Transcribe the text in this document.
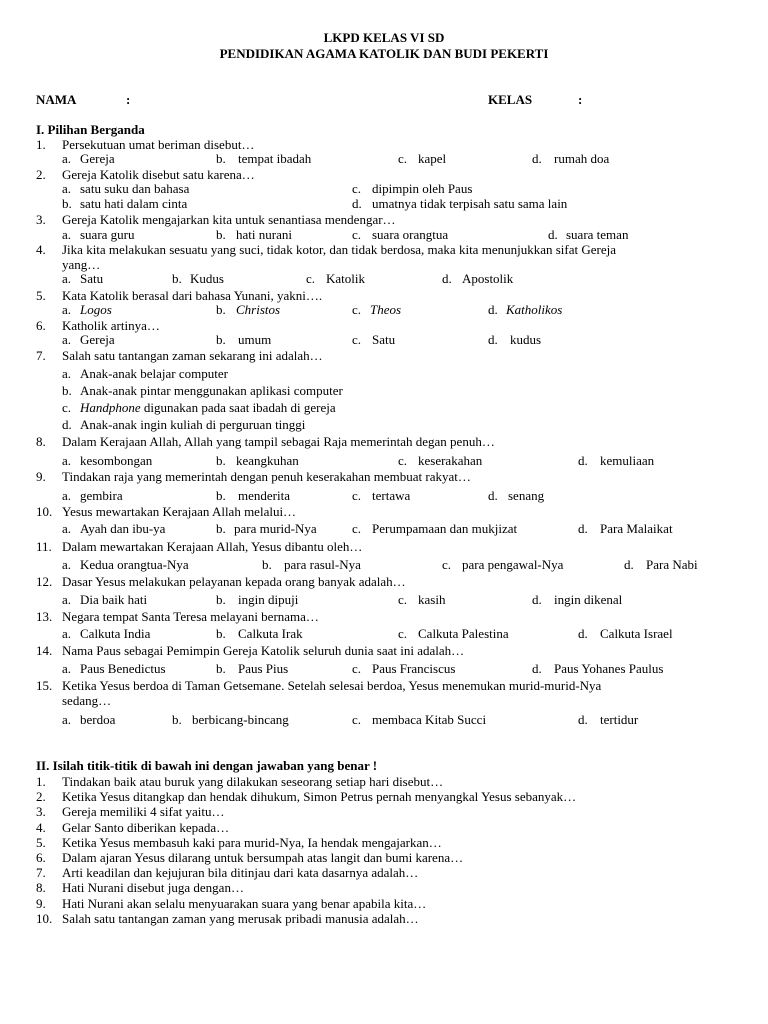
LKPD KELAS VI SD
PENDIDIKAN AGAMA KATOLIK DAN BUDI PEKERTI
NAMA	:	KELAS	:
I. Pilihan Berganda
1. Persekutuan umat beriman disebut…
a. Gereja	b. tempat ibadah	c. kapel	d. rumah doa
2. Gereja Katolik disebut satu karena…
a. satu suku dan bahasa
b. satu hati dalam cinta
c. dipimpin oleh Paus
d. umatnya tidak terpisah satu sama lain
3. Gereja Katolik mengajarkan kita untuk senantiasa mendengar…
a. suara guru	b. hati nurani	c. suara orangtua	d. suara teman
4. Jika kita melakukan sesuatu yang suci, tidak kotor, dan tidak berdosa, maka kita menunjukkan sifat Gereja
yang…
a. Satu	b. Kudus	c. Katolik	d. Apostolik
5. Kata Katolik berasal dari bahasa Yunani, yakni….
a. Logos	b. Christos	c. Theos	d. Katholikos
6. Katholik artinya…
a. Gereja	b. umum	c. Satu	d. kudus
7. Salah satu tantangan zaman sekarang ini adalah…
a. Anak-anak belajar computer
b. Anak-anak pintar menggunakan aplikasi computer
c. Handphone digunakan pada saat ibadah di gereja
d. Anak-anak ingin kuliah di perguruan tinggi
8. Dalam Kerajaan Allah, Allah yang tampil sebagai Raja memerintah degan penuh…
a. kesombongan	b. keangkuhan	c. keserakahan	d. kemuliaan
9. Tindakan raja yang memerintah dengan penuh keserakahan membuat rakyat…
a. gembira	b. menderita	c. tertawa	d. senang
10. Yesus mewartakan Kerajaan Allah melalui…
a. Ayah dan ibu-ya	b. para murid-Nya	c. Perumpamaan dan mukjizat	d. Para Malaikat
11. Dalam mewartakan Kerajaan Allah, Yesus dibantu oleh…
a. Kedua orangtua-Nya	b. para rasul-Nya	c. para pengawal-Nya	d. Para Nabi
12. Dasar Yesus melakukan pelayanan kepada orang banyak adalah…
a. Dia baik hati	b. ingin dipuji	c. kasih	d. ingin dikenal
13. Negara tempat Santa Teresa melayani bernama…
a. Calkuta India	b. Calkuta Irak	c. Calkuta Palestina	d. Calkuta Israel
14. Nama Paus sebagai Pemimpin Gereja Katolik seluruh dunia saat ini adalah…
a. Paus Benedictus	b. Paus Pius	c. Paus Franciscus	d. Paus Yohanes Paulus
15. Ketika Yesus berdoa di Taman Getsemane. Setelah selesai berdoa, Yesus menemukan murid-murid-Nya
sedang…
a. berdoa	b. berbicang-bincang	c. membaca Kitab Succi	d. tertidur
II. Isilah titik-titik di bawah ini dengan jawaban yang benar !
1. Tindakan baik atau buruk yang dilakukan seseorang setiap hari disebut…
2. Ketika Yesus ditangkap dan hendak dihukum, Simon Petrus pernah menyangkal Yesus sebanyak…
3. Gereja memiliki 4 sifat yaitu…
4. Gelar Santo diberikan kepada…
5. Ketika Yesus membasuh kaki para murid-Nya, Ia hendak mengajarkan…
6. Dalam ajaran Yesus dilarang untuk bersumpah atas langit dan bumi karena…
7. Arti keadilan dan kejujuran bila ditinjau dari kata dasarnya adalah…
8. Hati Nurani disebut juga dengan…
9. Hati Nurani akan selalu menyuarakan suara yang benar apabila kita…
10. Salah satu tantangan zaman yang merusak pribadi manusia adalah…
